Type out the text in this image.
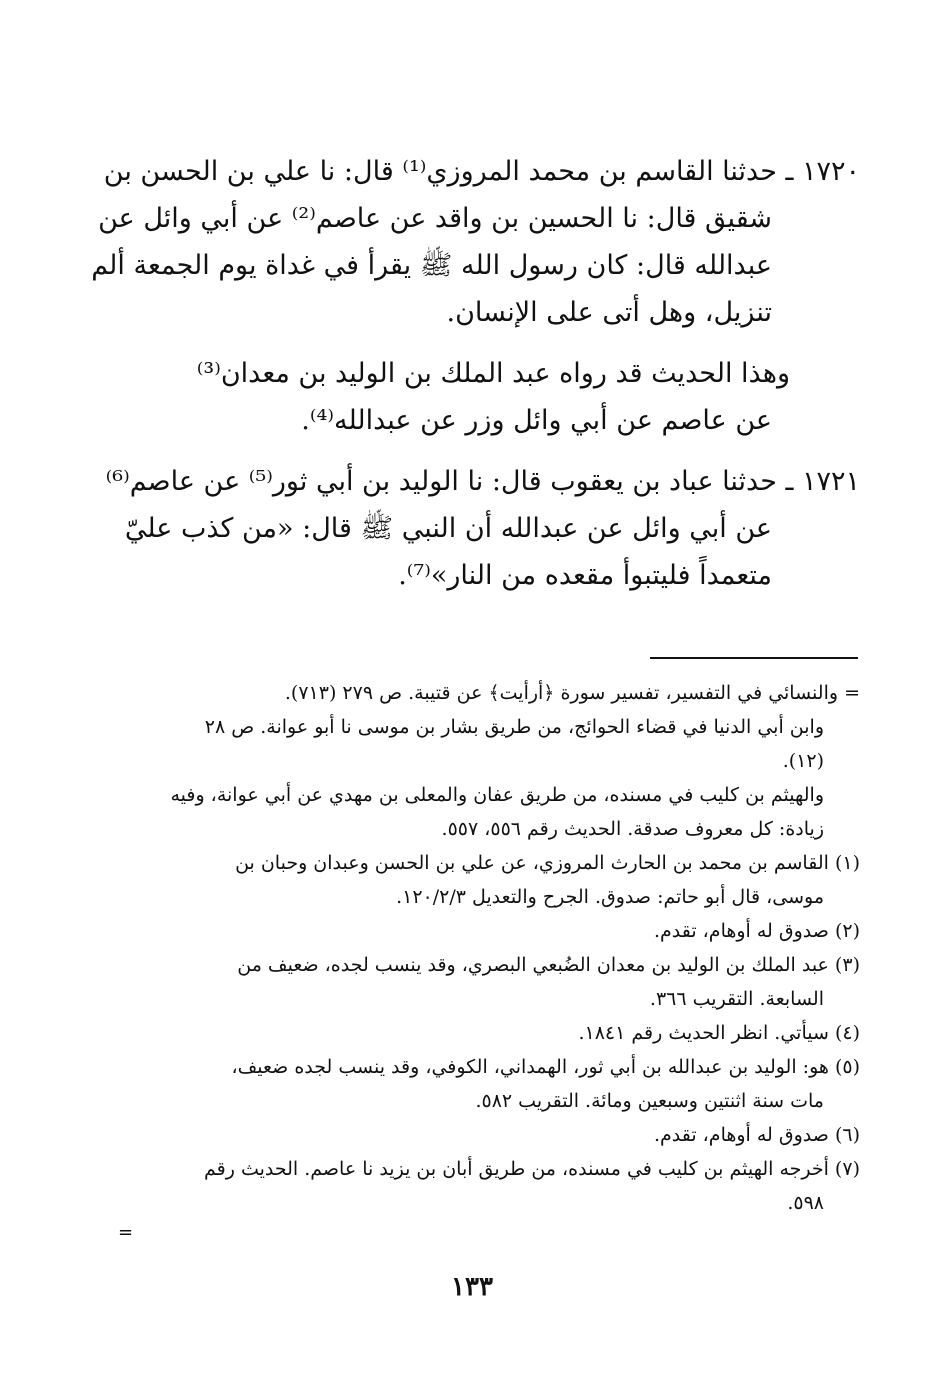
١٧٢٠ ـ حدثنا القاسم بن محمد المروزي⁽¹⁾ قال: نا علي بن الحسن بن
شقيق قال: نا الحسين بن واقد عن عاصم⁽²⁾ عن أبي وائل عن
عبدالله قال: كان رسول الله ﷺ يقرأ في غداة يوم الجمعة ألم
تنزيل، وهل أتى على الإنسان.
وهذا الحديث قد رواه عبد الملك بن الوليد بن معدان⁽³⁾
عن عاصم عن أبي وائل وزر عن عبدالله⁽⁴⁾.
١٧٢١ ـ حدثنا عباد بن يعقوب قال: نا الوليد بن أبي ثور⁽⁵⁾ عن عاصم⁽⁶⁾
عن أبي وائل عن عبدالله أن النبي ﷺ قال: «من كذب عليّ
متعمداً فليتبوأ مقعده من النار»⁽⁷⁾.
= والنسائي في التفسير، تفسير سورة ﴿أرأيت﴾ عن قتيبة. ص ٢٧٩ (٧١٣).
وابن أبي الدنيا في قضاء الحوائج، من طريق بشار بن موسى نا أبو عوانة. ص ٢٨
(١٢).
والهيثم بن كليب في مسنده، من طريق عفان والمعلى بن مهدي عن أبي عوانة، وفيه
زيادة: كل معروف صدقة. الحديث رقم ٥٥٦، ٥٥٧.
(١) القاسم بن محمد بن الحارث المروزي، عن علي بن الحسن وعبدان وحبان بن
موسى، قال أبو حاتم: صدوق. الجرح والتعديل ١٢٠/٢/٣.
(٢) صدوق له أوهام، تقدم.
(٣) عبد الملك بن الوليد بن معدان الضُبعي البصري، وقد ينسب لجده، ضعيف من
السابعة. التقريب ٣٦٦.
(٤) سيأتي. انظر الحديث رقم ١٨٤١.
(٥) هو: الوليد بن عبدالله بن أبي ثور، الهمداني، الكوفي، وقد ينسب لجده ضعيف،
مات سنة اثنتين وسبعين ومائة. التقريب ٥٨٢.
(٦) صدوق له أوهام، تقدم.
(٧) أخرجه الهيثم بن كليب في مسنده، من طريق أبان بن يزيد نا عاصم. الحديث رقم
٥٩٨.
=
١٣٣
